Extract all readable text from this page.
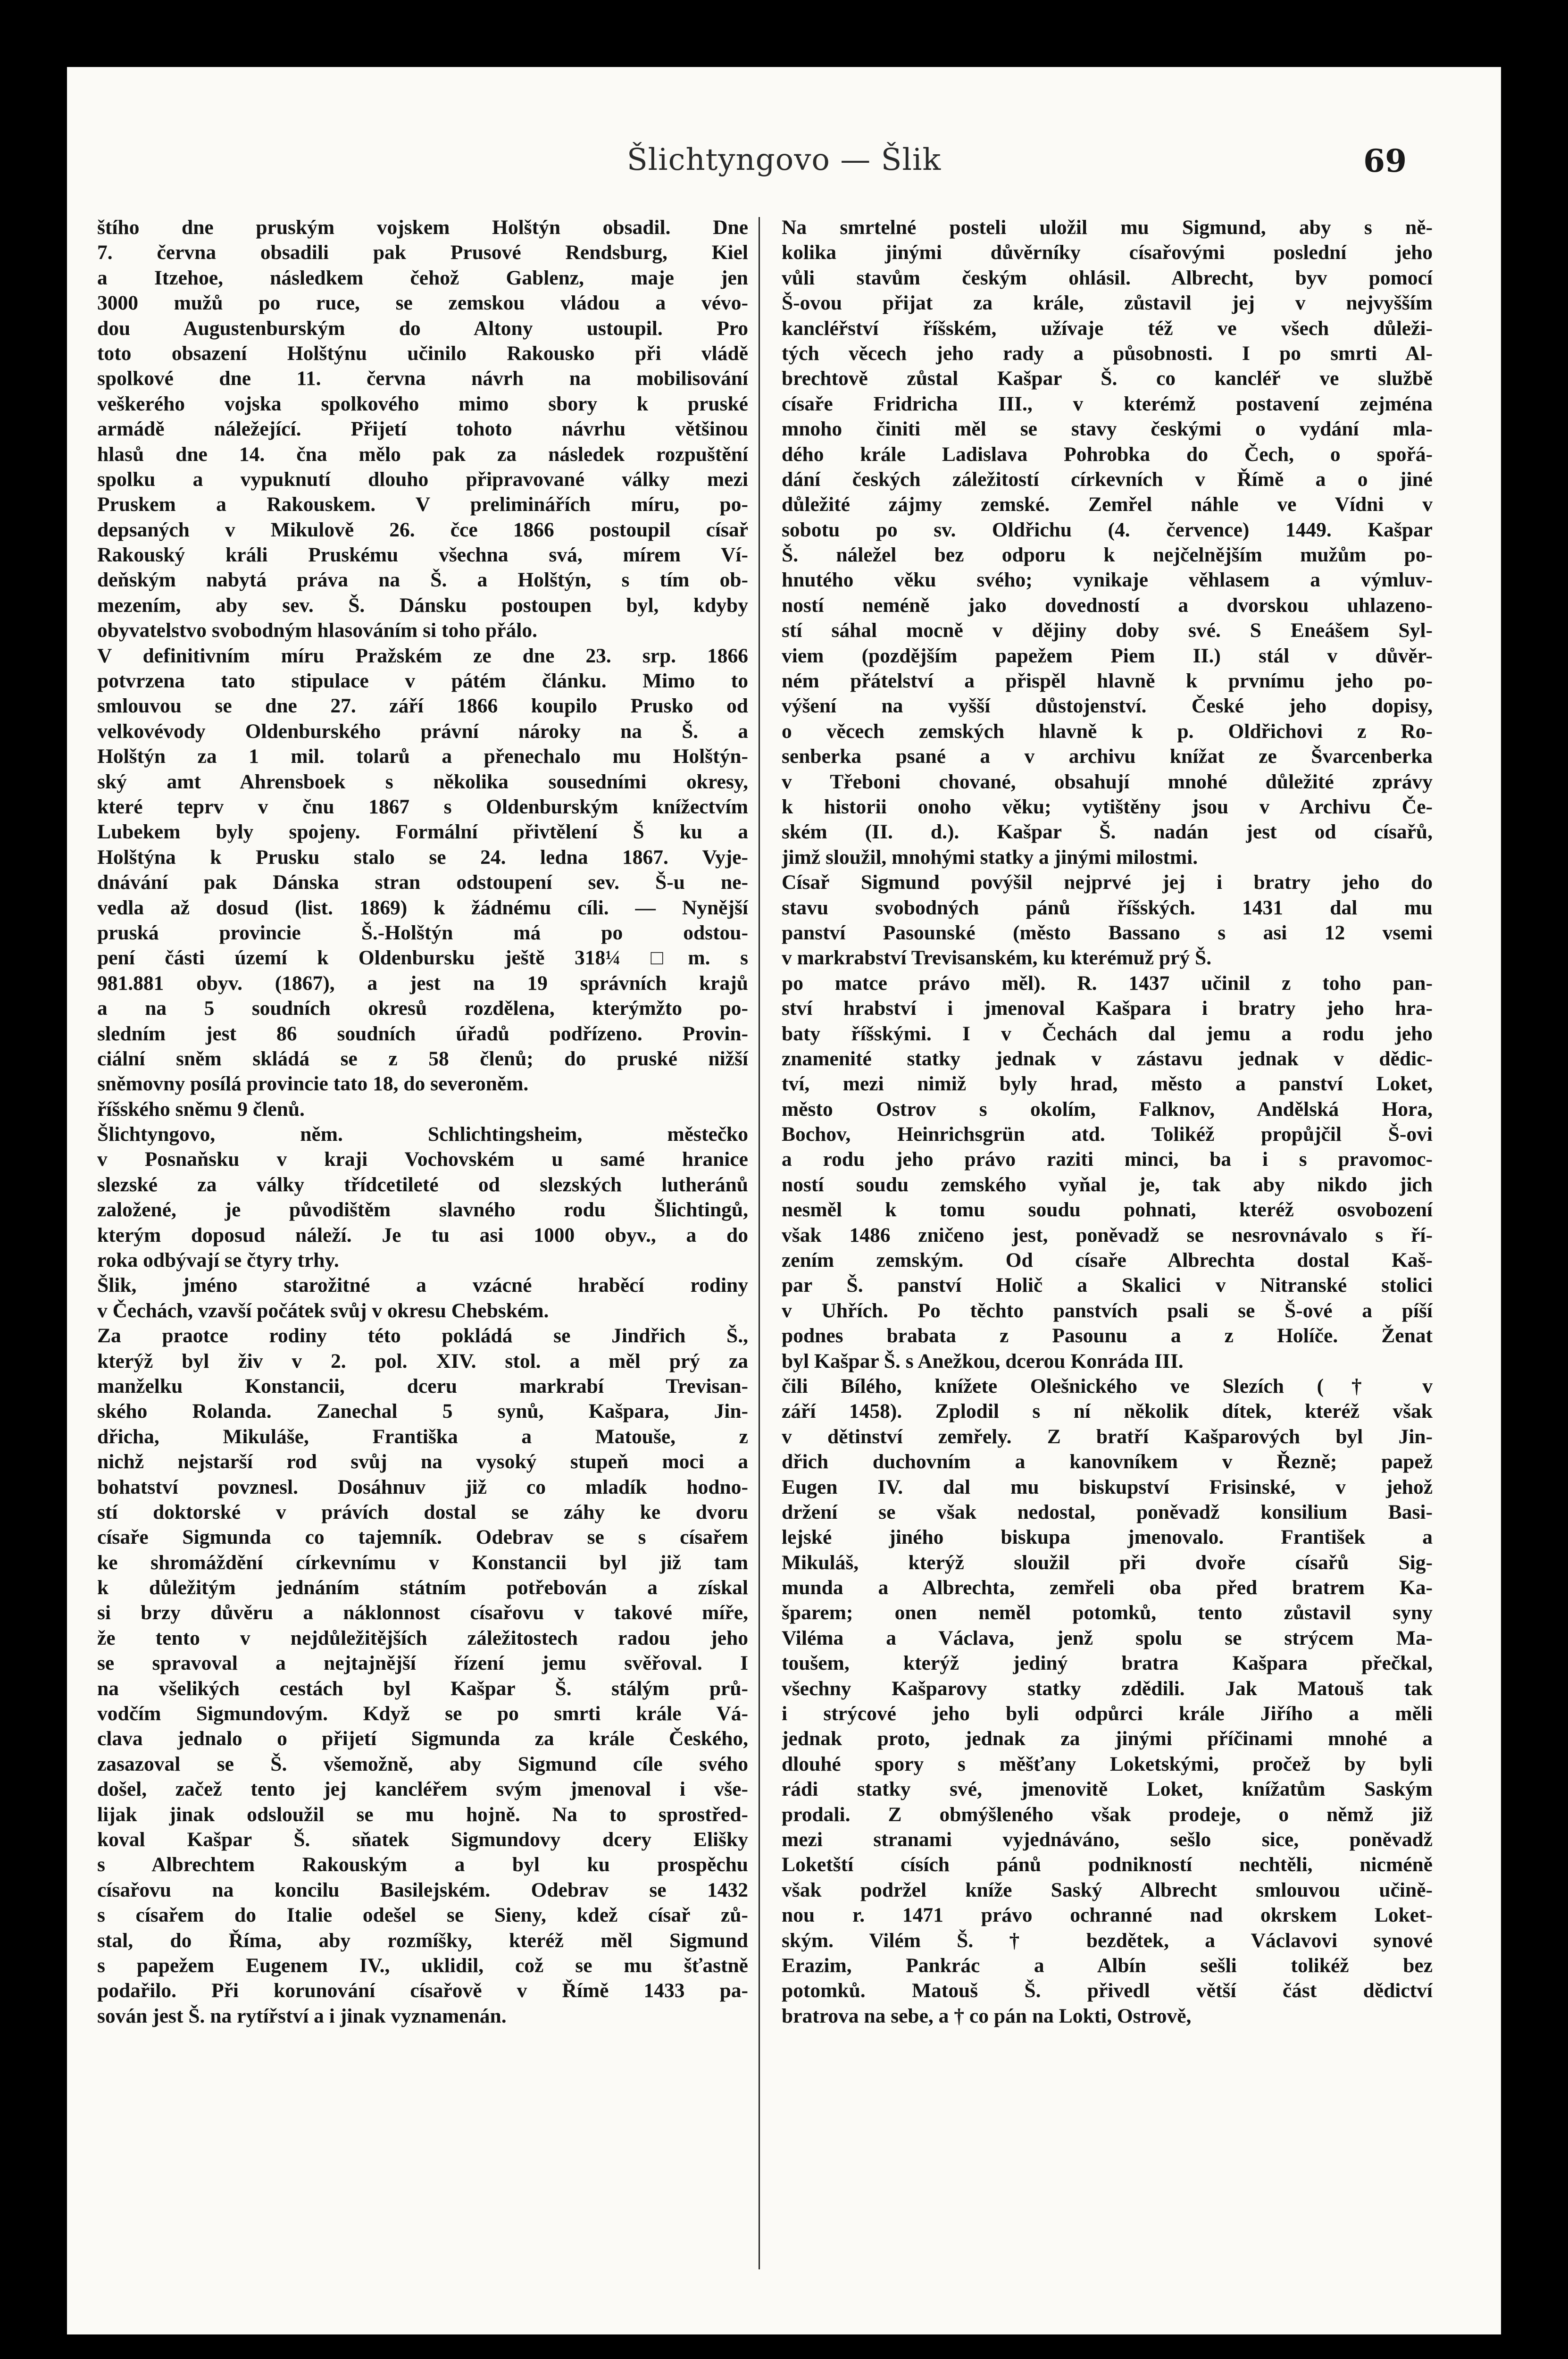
Šlichtyngovo — Šlik	69
štího dne pruským vojskem Holštýn obsadil. Dne
7. června obsadili pak Prusové Rendsburg, Kiel
a Itzehoe, následkem čehož Gablenz, maje jen
3000 mužů po ruce, se zemskou vládou a vévo-
dou Augustenburským do Altony ustoupil. Pro
toto obsazení Holštýnu učinilo Rakousko při vládě
spolkové dne 11. června návrh na mobilisování
veškerého vojska spolkového mimo sbory k pruské
armádě náležející. Přijetí tohoto návrhu většinou
hlasů dne 14. čna mělo pak za následek rozpuštění
spolku a vypuknutí dlouho připravované války mezi
Pruskem a Rakouskem. V preliminářích míru, po-
depsaných v Mikulově 26. čce 1866 postoupil císař
Rakouský králi Pruskému všechna svá, mírem Ví-
deňským nabytá práva na Š. a Holštýn, s tím ob-
mezením, aby sev. Š. Dánsku postoupen byl, kdyby
obyvatelstvo svobodným hlasováním si toho přálo.
V definitivním míru Pražském ze dne 23. srp. 1866
potvrzena tato stipulace v pátém článku. Mimo to
smlouvou se dne 27. září 1866 koupilo Prusko od
velkovévody Oldenburského právní nároky na Š. a
Holštýn za 1 mil. tolarů a přenechalo mu Holštýn-
ský amt Ahrensboek s několika sousedními okresy,
které teprv v čnu 1867 s Oldenburským knížectvím
Lubekem byly spojeny. Formální přivtělení Š ku a
Holštýna k Prusku stalo se 24. ledna 1867. Vyje-
dnávání pak Dánska stran odstoupení sev. Š-u ne-
vedla až dosud (list. 1869) k žádnému cíli. — Nynější
pruská provincie Š.-Holštýn má po odstou-
pení části území k Oldenbursku ještě 318¼ □m. s
981.881 obyv. (1867), a jest na 19 správních krajů
a na 5 soudních okresů rozdělena, kterýmžto po-
sledním jest 86 soudních úřadů podřízeno. Provin-
ciální sněm skládá se z 58 členů; do pruské nižší
sněmovny posílá provincie tato 18, do severoněm.
říšského sněmu 9 členů.
Šlichtyngovo, něm. Schlichtingsheim, městečko
v Posnaňsku v kraji Vochovském u samé hranice
slezské za války třídcetileté od slezských lutheránů
založené, je původištěm slavného rodu Šlichtingů,
kterým doposud náleží. Je tu asi 1000 obyv., a do
roka odbývají se čtyry trhy.
Šlik, jméno starožitné a vzácné hraběcí rodiny
v Čechách, vzavší počátek svůj v okresu Chebském.
Za praotce rodiny této pokládá se Jindřich Š.,
kterýž byl živ v 2. pol. XIV. stol. a měl prý za
manželku Konstancii, dceru markrabí Trevisan-
ského Rolanda. Zanechal 5 synů, Kašpara, Jin-
dřicha, Mikuláše, Františka a Matouše, z
nichž nejstarší rod svůj na vysoký stupeň moci a
bohatství povznesl. Dosáhnuv již co mladík hodno-
stí doktorské v právích dostal se záhy ke dvoru
císaře Sigmunda co tajemník. Odebrav se s císařem
ke shromáždění církevnímu v Konstancii byl již tam
k důležitým jednáním státním potřebován a získal
si brzy důvěru a náklonnost císařovu v takové míře,
že tento v nejdůležitějších záležitostech radou jeho
se spravoval a nejtajnější řízení jemu svěřoval. I
na všelikých cestách byl Kašpar Š. stálým prů-
vodčím Sigmundovým. Když se po smrti krále Vá-
clava jednalo o přijetí Sigmunda za krále Českého,
zasazoval se Š. všemožně, aby Sigmund cíle svého
došel, začež tento jej kancléřem svým jmenoval i vše-
lijak jinak odsloužil se mu hojně. Na to sprostřed-
koval Kašpar Š. sňatek Sigmundovy dcery Elišky
s Albrechtem Rakouským a byl ku prospěchu
císařovu na koncilu Basilejském. Odebrav se 1432
s císařem do Italie odešel se Sieny, kdež císař zů-
stal, do Říma, aby rozmíšky, kteréž měl Sigmund
s papežem Eugenem IV., uklidil, což se mu šťastně
podařilo. Při korunování císařově v Římě 1433 pa-
sován jest Š. na rytířství a i jinak vyznamenán.
Na smrtelné posteli uložil mu Sigmund, aby s ně-
kolika jinými důvěrníky císařovými poslední jeho
vůli stavům českým ohlásil. Albrecht, byv pomocí
Š-ovou přijat za krále, zůstavil jej v nejvyšším
kancléřství říšském, užívaje též ve všech důleži-
tých věcech jeho rady a působnosti. I po smrti Al-
brechtově zůstal Kašpar Š. co kancléř ve službě
císaře Fridricha III., v kterémž postavení zejména
mnoho činiti měl se stavy českými o vydání mla-
dého krále Ladislava Pohrobka do Čech, o spořá-
dání českých záležitostí církevních v Římě a o jiné
důležité zájmy zemské. Zemřel náhle ve Vídni v
sobotu po sv. Oldřichu (4. července) 1449. Kašpar
Š. náležel bez odporu k nejčelnějším mužům po-
hnutého věku svého; vynikaje věhlasem a výmluv-
ností neméně jako dovedností a dvorskou uhlazeno-
stí sáhal mocně v dějiny doby své. S Eneášem Syl-
viem (pozdějším papežem Piem II.) stál v důvěr-
ném přátelství a přispěl hlavně k prvnímu jeho po-
výšení na vyšší důstojenství. České jeho dopisy,
o věcech zemských hlavně k p. Oldřichovi z Ro-
senberka psané a v archivu knížat ze Švarcenberka
v Třeboni chované, obsahují mnohé důležité zprávy
k historii onoho věku; vytištěny jsou v Archivu Če-
ském (II. d.). Kašpar Š. nadán jest od císařů,
jimž sloužil, mnohými statky a jinými milostmi.
Císař Sigmund povýšil nejprvé jej i bratry jeho do
stavu svobodných pánů říšských. 1431 dal mu
panství Pasounské (město Bassano s asi 12 vsemi
v markrabství Trevisanském, ku kterémuž prý Š.
po matce právo měl). R. 1437 učinil z toho pan-
ství hrabství i jmenoval Kašpara i bratry jeho hra-
baty říšskými. I v Čechách dal jemu a rodu jeho
znamenité statky jednak v zástavu jednak v dědic-
tví, mezi nimiž byly hrad, město a panství Loket,
město Ostrov s okolím, Falknov, Andělská Hora,
Bochov, Heinrichsgrün atd. Tolikéž propůjčil Š-ovi
a rodu jeho právo raziti minci, ba i s pravomoc-
ností soudu zemského vyňal je, tak aby nikdo jich
nesměl k tomu soudu pohnati, kteréž osvobození
však 1486 zničeno jest, poněvadž se nesrovnávalo s ří-
zením zemským. Od císaře Albrechta dostal Kaš-
par Š. panství Holič a Skalici v Nitranské stolici
v Uhřích. Po těchto panstvích psali se Š-ové a píší
podnes brabata z Pasounu a z Holíče. Ženat
byl Kašpar Š. s Anežkou, dcerou Konráda III.
čili Bílého, knížete Olešnického ve Slezích († v
září 1458). Zplodil s ní několik dítek, kteréž však
v dětinství zemřely. Z bratří Kašparových byl Jin-
dřich duchovním a kanovníkem v Řezně; papež
Eugen IV. dal mu biskupství Frisinské, v jehož
držení se však nedostal, poněvadž konsilium Basi-
lejské jiného biskupa jmenovalo. František a
Mikuláš, kterýž sloužil při dvoře císařů Sig-
munda a Albrechta, zemřeli oba před bratrem Ka-
šparem; onen neměl potomků, tento zůstavil syny
Viléma a Václava, jenž spolu se strýcem Ma-
toušem, kterýž jediný bratra Kašpara přečkal,
všechny Kašparovy statky zdědili. Jak Matouš tak
i strýcové jeho byli odpůrci krále Jiřího a měli
jednak proto, jednak za jinými příčinami mnohé a
dlouhé spory s měšťany Loketskými, pročež by byli
rádi statky své, jmenovitě Loket, knížatům Saským
prodali. Z obmýšleného však prodeje, o němž již
mezi stranami vyjednáváno, sešlo sice, poněvadž
Loketští císích pánů podnikností nechtěli, nicméně
však podržel kníže Saský Albrecht smlouvou učině-
nou r. 1471 právo ochranné nad okrskem Loket-
ským. Vilém Š. † bezdětek, a Václavovi synové
Erazim, Pankrác a Albín sešli tolikéž bez
potomků. Matouš Š. přivedl větší část dědictví
bratrova na sebe, a † co pán na Lokti, Ostrově,
